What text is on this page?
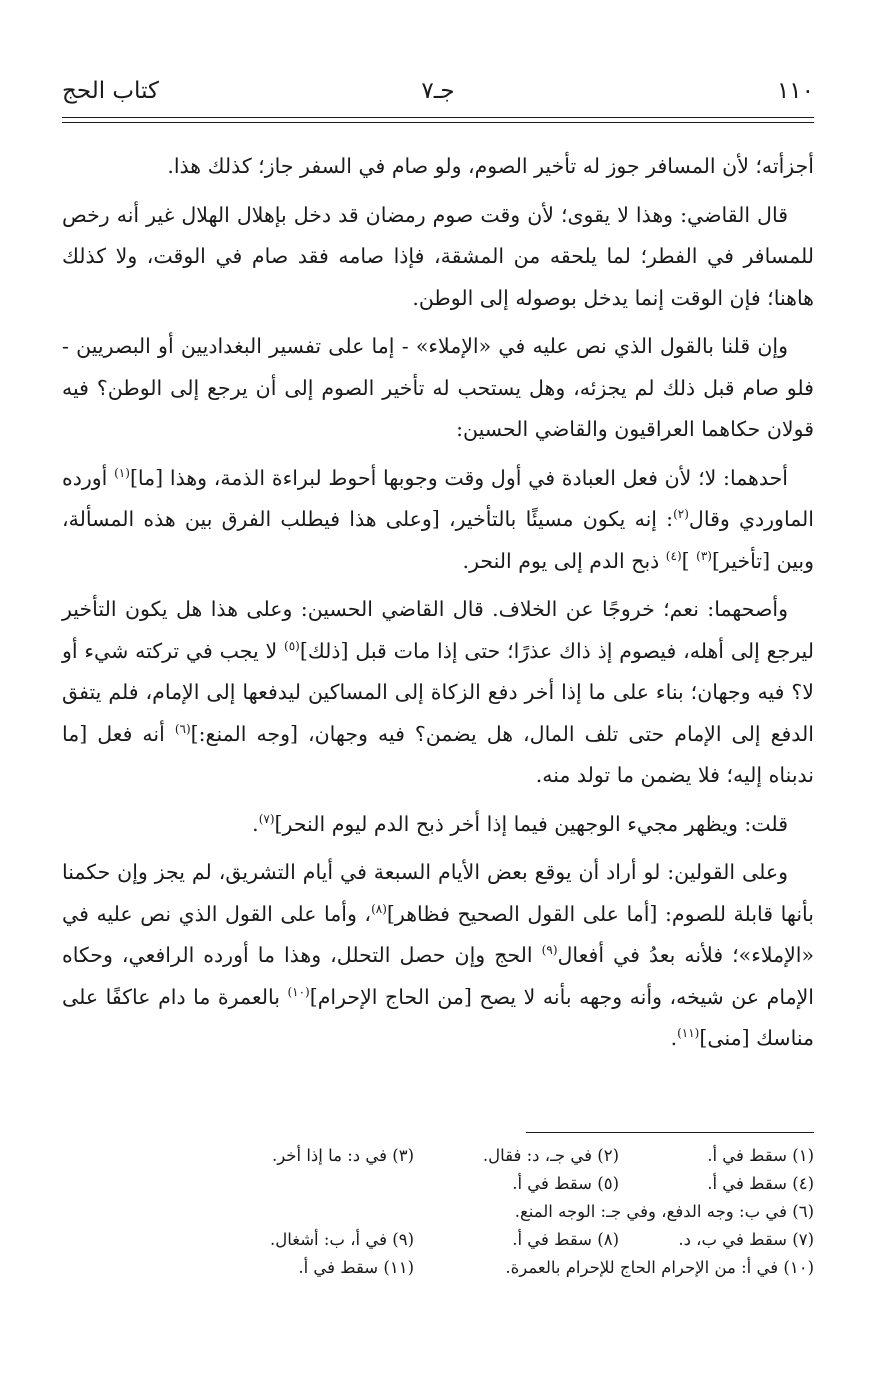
١١٠
جـ٧
كتاب الحج

أجزأته؛ لأن المسافر جوز له تأخير الصوم، ولو صام في السفر جاز؛ كذلك هذا.

قال القاضي: وهذا لا يقوى؛ لأن وقت صوم رمضان قد دخل بإهلال الهلال غير أنه رخص للمسافر في الفطر؛ لما يلحقه من المشقة، فإذا صامه فقد صام في الوقت، ولا كذلك هاهنا؛ فإن الوقت إنما يدخل بوصوله إلى الوطن.

وإن قلنا بالقول الذي نص عليه في «الإملاء» - إما على تفسير البغداديين أو البصريين - فلو صام قبل ذلك لم يجزئه، وهل يستحب له تأخير الصوم إلى أن يرجع إلى الوطن؟ فيه قولان حكاهما العراقيون والقاضي الحسين:

أحدهما: لا؛ لأن فعل العبادة في أول وقت وجوبها أحوط لبراءة الذمة، وهذا [ما]$^{(١)}$ أورده الماوردي وقال$^{(٢)}$: إنه يكون مسيئًا بالتأخير، [وعلى هذا فيطلب الفرق بين هذه المسألة، وبين [تأخير]$^{(٣)}$ ]$^{(٤)}$ ذبح الدم إلى يوم النحر.

وأصحهما: نعم؛ خروجًا عن الخلاف. قال القاضي الحسين: وعلى هذا هل يكون التأخير ليرجع إلى أهله، فيصوم إذ ذاك عذرًا؛ حتى إذا مات قبل [ذلك]$^{(٥)}$ لا يجب في تركته شيء أو لا؟ فيه وجهان؛ بناء على ما إذا أخر دفع الزكاة إلى المساكين ليدفعها إلى الإمام، فلم يتفق الدفع إلى الإمام حتى تلف المال، هل يضمن؟ فيه وجهان، [وجه المنع:]$^{(٦)}$ أنه فعل [ما ندبناه إليه؛ فلا يضمن ما تولد منه.

قلت: ويظهر مجيء الوجهين فيما إذا أخر ذبح الدم ليوم النحر]$^{(٧)}$.

وعلى القولين: لو أراد أن يوقع بعض الأيام السبعة في أيام التشريق، لم يجز وإن حكمنا بأنها قابلة للصوم: [أما على القول الصحيح فظاهر]$^{(٨)}$، وأما على القول الذي نص عليه في «الإملاء»؛ فلأنه بعدُ في أفعال$^{(٩)}$ الحج وإن حصل التحلل، وهذا ما أورده الرافعي، وحكاه الإمام عن شيخه، وأنه وجهه بأنه لا يصح [من الحاج الإحرام]$^{(١٠)}$ بالعمرة ما دام عاكفًا على مناسك [منى]$^{(١١)}$.

(١) سقط في أ.
(٢) في جـ، د: فقال.
(٣) في د: ما إذا أخر.
(٤) سقط في أ.
(٥) سقط في أ.
(٦) في ب: وجه الدفع، وفي جـ: الوجه المنع.
(٧) سقط في ب، د.
(٨) سقط في أ.
(٩) في أ، ب: أشغال.
(١٠) في أ: من الإحرام الحاج للإحرام بالعمرة.
(١١) سقط في أ.
